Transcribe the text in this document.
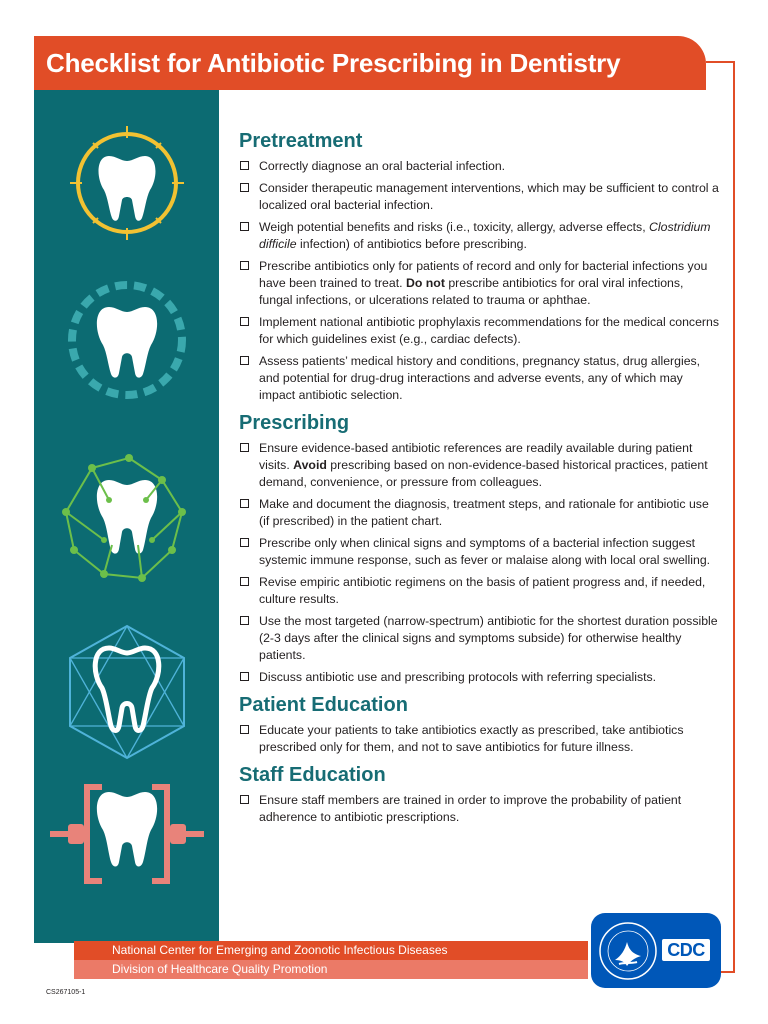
Checklist for Antibiotic Prescribing in Dentistry
Pretreatment
Correctly diagnose an oral bacterial infection.
Consider therapeutic management interventions, which may be sufficient to control a localized oral bacterial infection.
Weigh potential benefits and risks (i.e., toxicity, allergy, adverse effects, Clostridium difficile infection) of antibiotics before prescribing.
Prescribe antibiotics only for patients of record and only for bacterial infections you have been trained to treat. Do not prescribe antibiotics for oral viral infections, fungal infections, or ulcerations related to trauma or aphthae.
Implement national antibiotic prophylaxis recommendations for the medical concerns for which guidelines exist (e.g., cardiac defects).
Assess patients’ medical history and conditions, pregnancy status, drug allergies, and potential for drug-drug interactions and adverse events, any of which may impact antibiotic selection.
Prescribing
Ensure evidence-based antibiotic references are readily available during patient visits. Avoid prescribing based on non-evidence-based historical practices, patient demand, convenience, or pressure from colleagues.
Make and document the diagnosis, treatment steps, and rationale for antibiotic use (if prescribed) in the patient chart.
Prescribe only when clinical signs and symptoms of a bacterial infection suggest systemic immune response, such as fever or malaise along with local oral swelling.
Revise empiric antibiotic regimens on the basis of patient progress and, if needed, culture results.
Use the most targeted (narrow-spectrum) antibiotic for the shortest duration possible (2-3 days after the clinical signs and symptoms subside) for otherwise healthy patients.
Discuss antibiotic use and prescribing protocols with referring specialists.
Patient Education
Educate your patients to take antibiotics exactly as prescribed, take antibiotics prescribed only for them, and not to save antibiotics for future illness.
Staff Education
Ensure staff members are trained in order to improve the probability of patient adherence to antibiotic prescriptions.
National Center for Emerging and Zoonotic Infectious Diseases
Division of Healthcare Quality Promotion
CDC
CS267105-1
